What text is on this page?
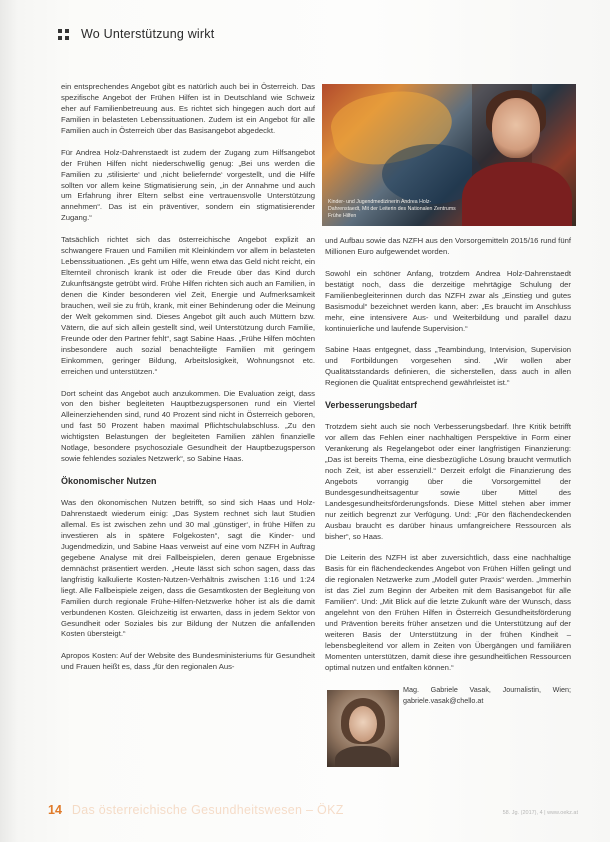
Wo Unterstützung wirkt

ein entsprechendes Angebot gibt es natürlich auch bei in Österreich. Das spezifische Angebot der Frühen Hilfen ist in Deutschland wie Schweiz eher auf Familienbetreuung aus. Es richtet sich hingegen auch dort auf Familien in belasteten Lebenssituationen. Zudem ist ein Angebot für alle Familien auch in Österreich über das Basisangebot abgedeckt.

Für Andrea Holz-Dahrenstaedt ist zudem der Zugang zum Hilfsangebot der Frühen Hilfen nicht niederschwellig genug: „Bei uns werden die Familien zu ‚stilisierte‘ und ‚nicht beliefernde‘ vorgestellt, und die Hilfe sollten vor allem keine Stigmatisierung sein, „in der Annahme und auch um Erfahrung ihrer Eltern selbst eine vertrauensvolle Unterstützung annehmen“. Das ist ein präventiver, sondern ein stigmatisierender Zugang.“

Tatsächlich richtet sich das österreichische Angebot explizit an schwangere Frauen und Familien mit Kleinkindern vor allem in belasteten Lebenssituationen. „Es geht um Hilfe, wenn etwa das Geld nicht reicht, ein Elternteil chronisch krank ist oder die Freude über das Kind durch Zukunftsängste getrübt wird. Frühe Hilfen richten sich auch an Familien, in denen die Kinder besonderen viel Zeit, Energie und Aufmerksamkeit brauchen, weil sie zu früh, krank, mit einer Behinderung oder die Meinung der Welt gekommen sind. Dieses Angebot gilt auch auch Müttern bzw. Vätern, die auf sich allein gestellt sind, weil Unterstützung durch Familie, Freunde oder den Partner fehlt“, sagt Sabine Haas. „Frühe Hilfen möchten insbesondere auch sozial benachteiligte Familien mit geringem Einkommen, geringer Bildung, Arbeitslosigkeit, Wohnungsnot etc. erreichen und unterstützen.“

Dort scheint das Angebot auch anzukommen. Die Evaluation zeigt, dass von den bisher begleiteten Hauptbezugspersonen rund ein Viertel Alleinerziehenden sind, rund 40 Prozent sind nicht in Österreich geboren, und fast 50 Prozent haben maximal Pflichtschulabschluss. „Zu den wichtigsten Belastungen der begleiteten Familien zählen finanzielle Notlage, besondere psychosoziale Gesundheit der Hauptbezugsperson sowie fehlendes soziales Netzwerk“, so Sabine Haas.

Ökonomischer Nutzen

Was den ökonomischen Nutzen betrifft, so sind sich Haas und Holz-Dahrenstaedt wiederum einig: „Das System rechnet sich laut Studien allemal. Es ist zwischen zehn und 30 mal ‚günstiger‘, in frühe Hilfen zu investieren als in spätere Folgekosten“, sagt die Kinder- und Jugendmedizin, und Sabine Haas verweist auf eine vom NZFH in Auftrag gegebene Analyse mit drei Fallbeispielen, deren genaue Ergebnisse demnächst präsentiert werden. „Heute lässt sich schon sagen, dass das langfristig kalkulierte Kosten-Nutzen-Verhältnis zwischen 1:16 und 1:24 liegt. Alle Fallbeispiele zeigen, dass die Gesamtkosten der Begleitung von Familien durch regionale Frühe-Hilfen-Netzwerke höher ist als die damit verbundenen Kosten. Gleichzeitig ist erwarten, dass in jedem Sektor von Gesundheit oder Soziales bis zur Bildung der Nutzen die anfallenden Kosten übersteigt.“

Apropos Kosten: Auf der Website des Bundesministeriums für Gesundheit und Frauen heißt es, dass „für den regionalen Aus-

Kinder- und Jugendmedizinerin Andrea Holz-Dahrenstaedt, Mit der Leiterin des Nationalen Zentrums Frühe Hilfen

und Aufbau sowie das NZFH aus den Vorsorgemitteln 2015/16 rund fünf Millionen Euro aufgewendet worden.

Sowohl ein schöner Anfang, trotzdem Andrea Holz-Dahrenstaedt bestätigt noch, dass die derzeitige mehrtägige Schulung der Familienbegleiterinnen durch das NZFH zwar als „Einstieg und gutes Basismodul“ bezeichnet werden kann, aber: „Es braucht im Anschluss mehr, eine intensivere Aus- und Weiterbildung und parallel dazu kontinuierliche und laufende Supervision.“

Sabine Haas entgegnet, dass „Teambindung, Intervision, Supervision und Fortbildungen vorgesehen sind. „Wir wollen aber Qualitätsstandards definieren, die sicherstellen, dass auch in allen Regionen die Qualität entsprechend gewährleistet ist.“

Verbesserungsbedarf

Trotzdem sieht auch sie noch Verbesserungsbedarf. Ihre Kritik betrifft vor allem das Fehlen einer nachhaltigen Perspektive in Form einer Verankerung als Regelangebot oder einer langfristigen Finanzierung: „Das ist bereits Thema, eine diesbezügliche Lösung braucht vermutlich noch Zeit, ist aber essenziell.“ Derzeit erfolgt die Finanzierung des Angebots vorrangig über die Vorsorgemittel der Bundesgesundheitsagentur sowie über Mittel des Landesgesundheitsförderungsfonds. Diese Mittel stehen aber immer nur zeitlich begrenzt zur Verfügung. Und: „Für den flächendeckenden Ausbau braucht es darüber hinaus umfangreichere Ressourcen als bisher“, so Haas.

Die Leiterin des NZFH ist aber zuversichtlich, dass eine nachhaltige Basis für ein flächendeckendes Angebot von Frühen Hilfen gelingt und die regionalen Netzwerke zum „Modell guter Praxis“ werden. „Immerhin ist das Ziel zum Beginn der Arbeiten mit dem Basisangebot für alle Familien“. Und: „Mit Blick auf die letzte Zukunft wäre der Wunsch, dass angelehnt von den Frühen Hilfen in Österreich Gesundheitsförderung und Prävention bereits früher ansetzen und die Unterstützung auf der weiteren Basis der Unterstützung in der frühen Kindheit – lebensbegleitend vor allem in Zeiten von Übergängen und familiären Momenten unterstützen, damit diese ihre gesundheitlichen Ressourcen optimal nutzen und entfalten können.“

Mag. Gabriele Vasak, Journalistin, Wien; gabriele.vasak@chello.at

14 Das österreichische Gesundheitswesen – ÖKZ	58. Jg. (2017), 4 | www.oekz.at
